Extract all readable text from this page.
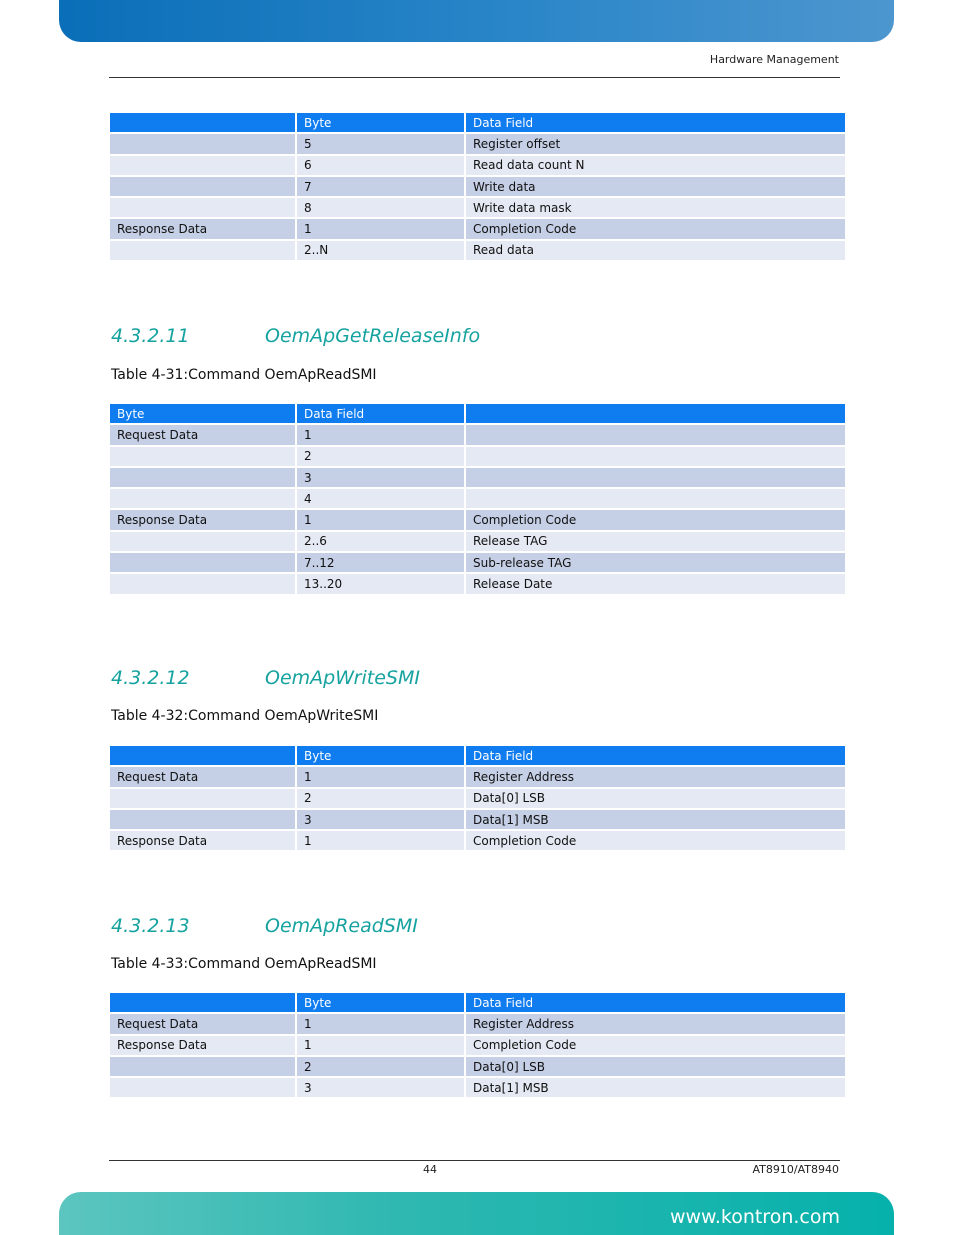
Hardware Management
	Byte	Data Field
	5	Register offset
	6	Read data count N
	7	Write data
	8	Write data mask
Response Data	1	Completion Code
	2..N	Read data
4.3.2.11	OemApGetReleaseInfo
Table 4-31:Command OemApReadSMI
Byte	Data Field	
Request Data	1	
	2	
	3	
	4	
Response Data	1	Completion Code
	2..6	Release TAG
	7..12	Sub-release TAG
	13..20	Release Date
4.3.2.12	OemApWriteSMI
Table 4-32:Command OemApWriteSMI
	Byte	Data Field
Request Data	1	Register Address
	2	Data[0] LSB
	3	Data[1] MSB
Response Data	1	Completion Code
4.3.2.13	OemApReadSMI
Table 4-33:Command OemApReadSMI
	Byte	Data Field
Request Data	1	Register Address
Response Data	1	Completion Code
	2	Data[0] LSB
	3	Data[1] MSB
44	AT8910/AT8940
www.kontron.com
